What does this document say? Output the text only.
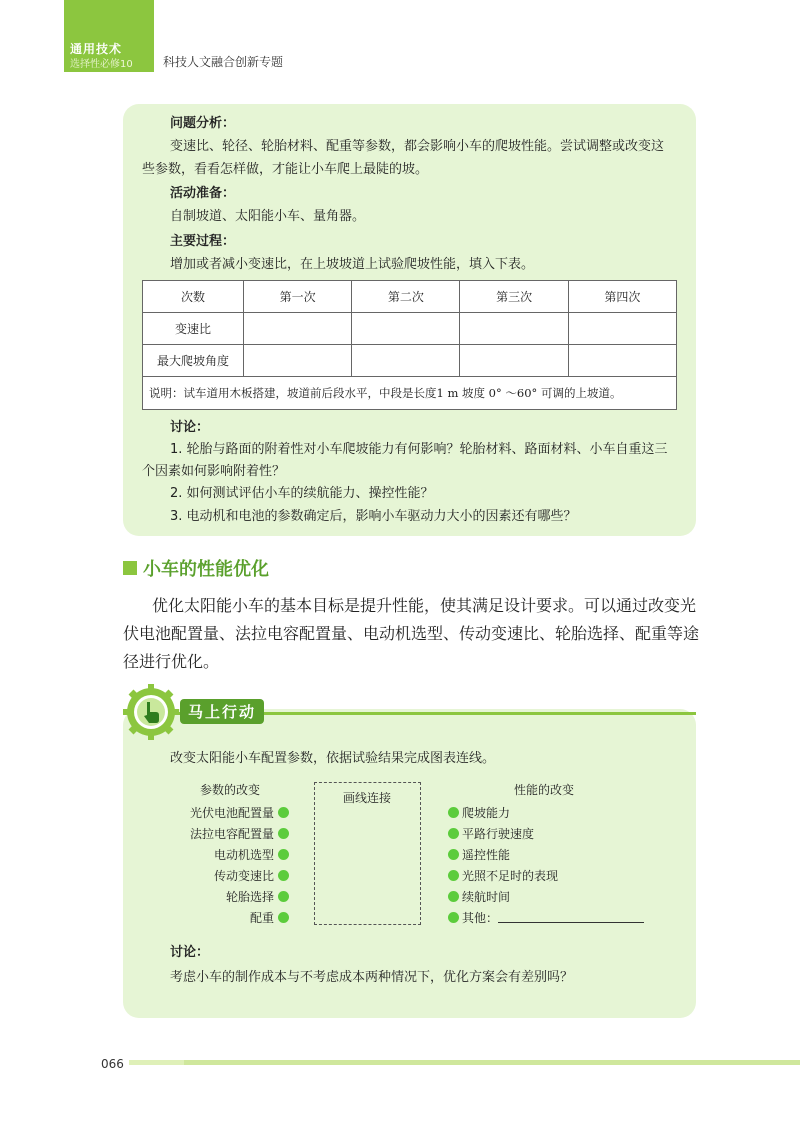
通用技术
选择性必修10	科技人文融合创新专题
问题分析：
变速比、轮径、轮胎材料、配重等参数，都会影响小车的爬坡性能。尝试调整或改变这
些参数，看看怎样做，才能让小车爬上最陡的坡。
活动准备：
自制坡道、太阳能小车、量角器。
主要过程：
增加或者减小变速比，在上坡坡道上试验爬坡性能，填入下表。
次数	第一次	第二次	第三次	第四次
变速比				
最大爬坡角度				
说明：试车道用木板搭建，坡道前后段水平，中段是长度1 m 坡度 0° ～60° 可调的上坡道。				
讨论：
1. 轮胎与路面的附着性对小车爬坡能力有何影响？轮胎材料、路面材料、小车自重这三
个因素如何影响附着性？
2. 如何测试评估小车的续航能力、操控性能？
3. 电动机和电池的参数确定后，影响小车驱动力大小的因素还有哪些？
小车的性能优化
优化太阳能小车的基本目标是提升性能，使其满足设计要求。可以通过改变光
伏电池配置量、法拉电容配置量、电动机选型、传动变速比、轮胎选择、配重等途
径进行优化。
马上行动
改变太阳能小车配置参数，依据试验结果完成图表连线。
参数的改变	性能的改变
画线连接
光伏电池配置量
法拉电容配置量
电动机选型
传动变速比
轮胎选择
配重
爬坡能力
平路行驶速度
遥控性能
光照不足时的表现
续航时间
其他：
讨论：
考虑小车的制作成本与不考虑成本两种情况下，优化方案会有差别吗？
066
